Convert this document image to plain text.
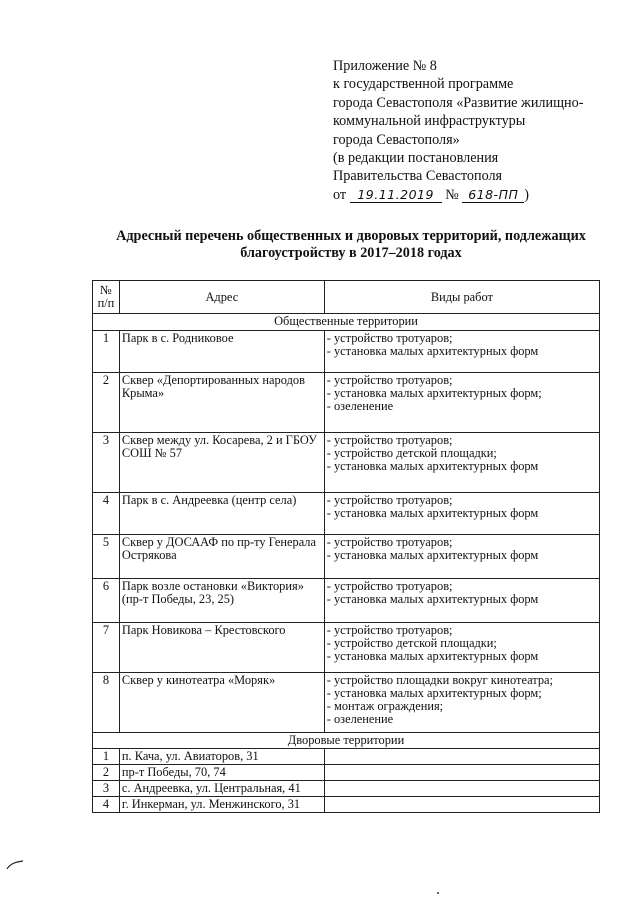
Приложение № 8
к государственной программе
города Севастополя «Развитие жилищно-
коммунальной инфраструктуры
города Севастополя»
(в редакции постановления
Правительства Севастополя
от 19.11.2019 № 618-ПП )
Адресный перечень общественных и дворовых территорий, подлежащих
благоустройству в 2017–2018 годах
№
п/п	Адрес	Виды работ
Общественные территории		
1	Парк в с. Родниковое	- устройство тротуаров;
- установка малых архитектурных форм

2	Сквер «Депортированных народов Крыма»	- устройство тротуаров;
- установка малых архитектурных форм;
- озеленение

3	Сквер между ул. Косарева, 2 и ГБОУ СОШ № 57	- устройство тротуаров;
- устройство детской площадки;
- установка малых архитектурных форм

4	Парк в с. Андреевка (центр села)	- устройство тротуаров;
- установка малых архитектурных форм

5	Сквер у ДОСААФ по пр-ту Генерала Острякова	- устройство тротуаров;
- установка малых архитектурных форм

6	Парк возле остановки «Виктория» (пр-т Победы, 23, 25)	- устройство тротуаров;
- установка малых архитектурных форм

7	Парк Новикова – Крестовского	- устройство тротуаров;
- устройство детской площадки;
- установка малых архитектурных форм

8	Сквер у кинотеатра «Моряк»	- устройство площадки вокруг кинотеатра;
- установка малых архитектурных форм;
- монтаж ограждения;
- озеленение

Дворовые территории		
1	п. Кача, ул. Авиаторов, 31	
2	пр-т Победы, 70, 74	
3	с. Андреевка, ул. Центральная, 41	
4	г. Инкерман, ул. Менжинского, 31	
